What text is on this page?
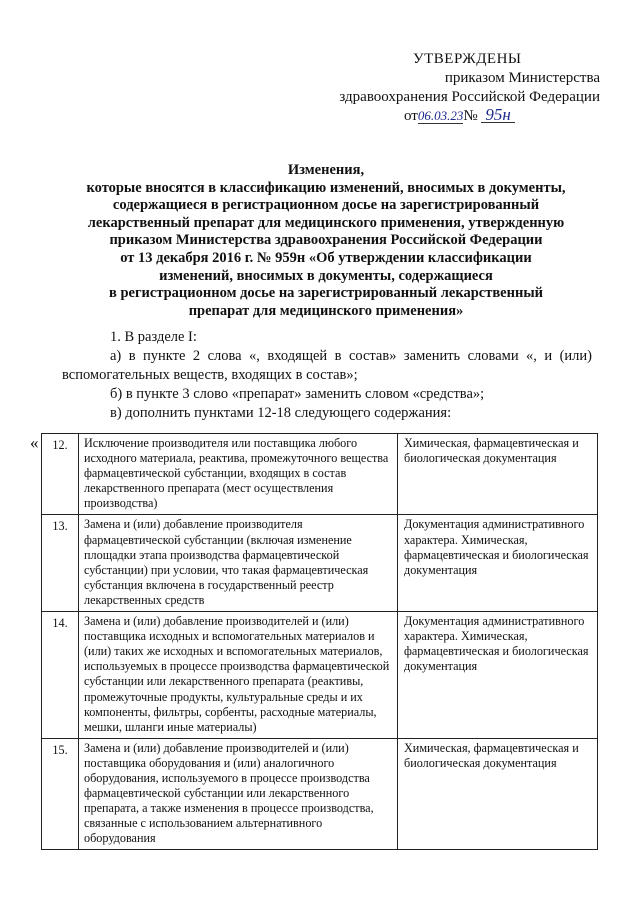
УТВЕРЖДЕНЫ
приказом Министерства
здравоохранения Российской Федерации
от06.03.23№ 95н
Изменения,
которые вносятся в классификацию изменений, вносимых в документы,
содержащиеся в регистрационном досье на зарегистрированный
лекарственный препарат для медицинского применения, утвержденную
приказом Министерства здравоохранения Российской Федерации
от 13 декабря 2016 г. № 959н «Об утверждении классификации
изменений, вносимых в документы, содержащиеся
в регистрационном досье на зарегистрированный лекарственный
препарат для медицинского применения»

1. В разделе I:

а) в пункте 2 слова «, входящей в состав» заменить словами «, и (или) вспомогательных веществ, входящих в состав»;

б) в пункте 3 слово «препарат» заменить словом «средства»;

в) дополнить пунктами 12-18 следующего содержания:

« 12.	Исключение производителя или поставщика любого исходного материала, реактива, промежуточного вещества фармацевтической субстанции, входящих в состав лекарственного препарата (мест осуществления производства)	Химическая, фармацевтическая и биологическая документация
13.	Замена и (или) добавление производителя фармацевтической субстанции (включая изменение площадки этапа производства фармацевтической субстанции) при условии, что такая фармацевтическая субстанция включена в государственный реестр лекарственных средств	Документация административного характера. Химическая, фармацевтическая и биологическая документация
14.	Замена и (или) добавление производителей и (или) поставщика исходных и вспомогательных материалов и (или) таких же исходных и вспомогательных материалов, используемых в процессе производства фармацевтической субстанции или лекарственного препарата (реактивы, промежуточные продукты, культуральные среды и их компоненты, фильтры, сорбенты, расходные материалы, мешки, шланги иные материалы)	Документация административного характера. Химическая, фармацевтическая и биологическая документация
15.	Замена и (или) добавление производителей и (или) поставщика оборудования и (или) аналогичного оборудования, используемого в процессе производства фармацевтической субстанции или лекарственного препарата, а также изменения в процессе производства, связанные с использованием альтернативного оборудования	Химическая, фармацевтическая и биологическая документация
